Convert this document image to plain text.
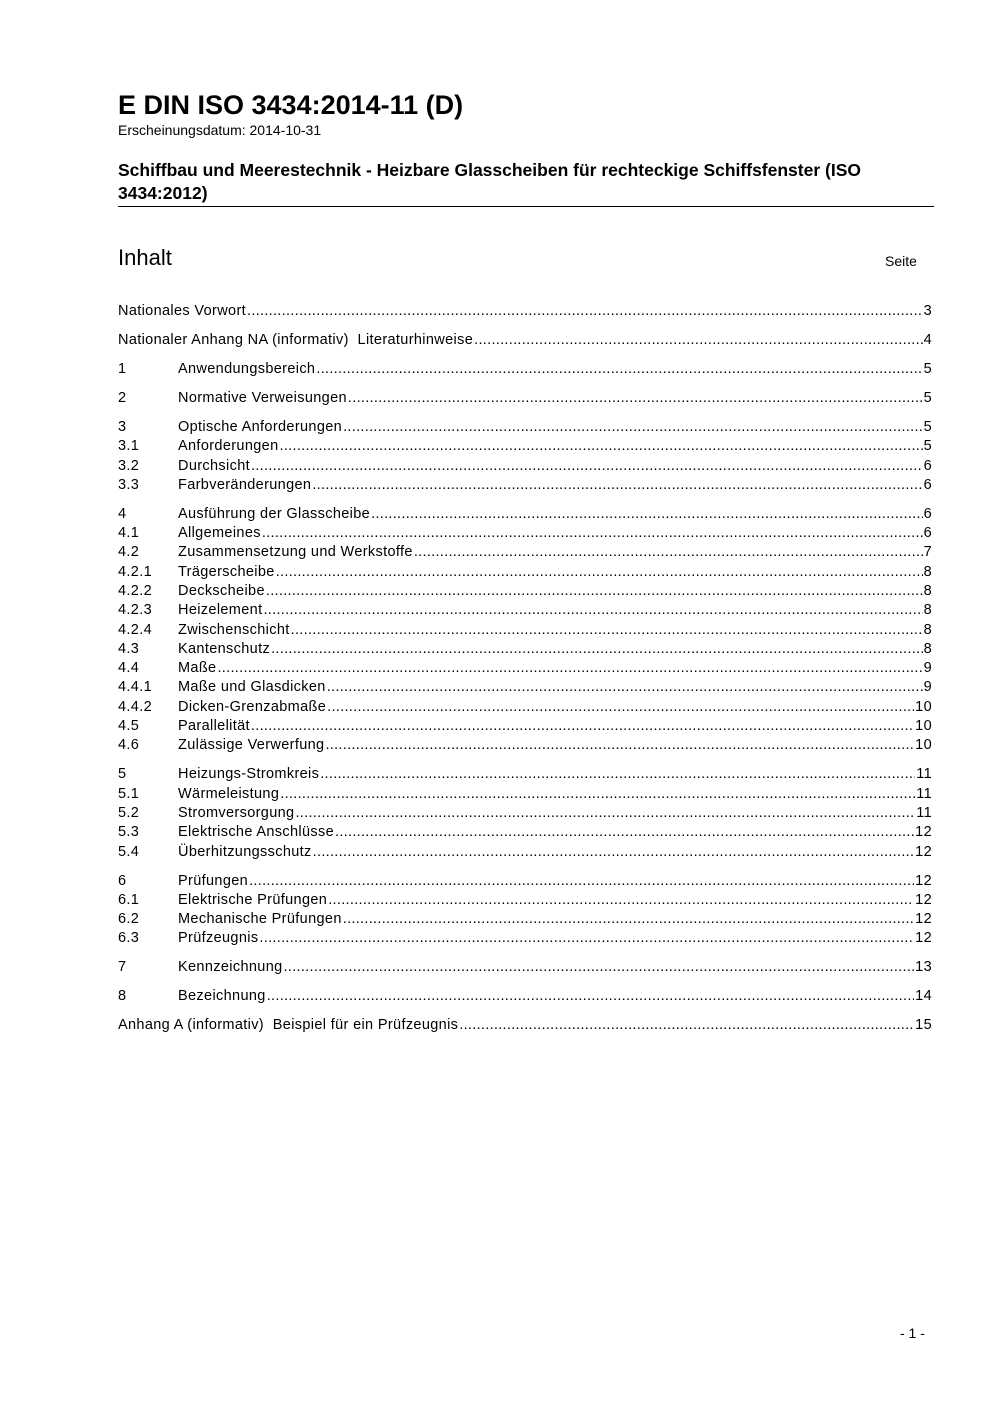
E DIN ISO 3434:2014-11 (D)
Erscheinungsdatum: 2014-10-31
Schiffbau und Meerestechnik - Heizbare Glasscheiben für rechteckige Schiffsfenster (ISO 3434:2012)
Inhalt	Seite
Nationales Vorwort .....	3
Nationaler Anhang NA (informativ)  Literaturhinweise .....	4
1	Anwendungsbereich .....	5
2	Normative Verweisungen .....	5
3	Optische Anforderungen .....	5
3.1	Anforderungen .....	5
3.2	Durchsicht .....	6
3.3	Farbveränderungen .....	6
4	Ausführung der Glasscheibe .....	6
4.1	Allgemeines .....	6
4.2	Zusammensetzung und Werkstoffe .....	7
4.2.1	Trägerscheibe .....	8
4.2.2	Deckscheibe .....	8
4.2.3	Heizelement .....	8
4.2.4	Zwischenschicht .....	8
4.3	Kantenschutz .....	8
4.4	Maße .....	9
4.4.1	Maße und Glasdicken .....	9
4.4.2	Dicken-Grenzabmaße .....	10
4.5	Parallelität .....	10
4.6	Zulässige Verwerfung .....	10
5	Heizungs-Stromkreis .....	11
5.1	Wärmeleistung .....	11
5.2	Stromversorgung .....	11
5.3	Elektrische Anschlüsse .....	12
5.4	Überhitzungsschutz .....	12
6	Prüfungen .....	12
6.1	Elektrische Prüfungen .....	12
6.2	Mechanische Prüfungen .....	12
6.3	Prüfzeugnis .....	12
7	Kennzeichnung .....	13
8	Bezeichnung .....	14
Anhang A (informativ)  Beispiel für ein Prüfzeugnis .....	15
- 1 -
